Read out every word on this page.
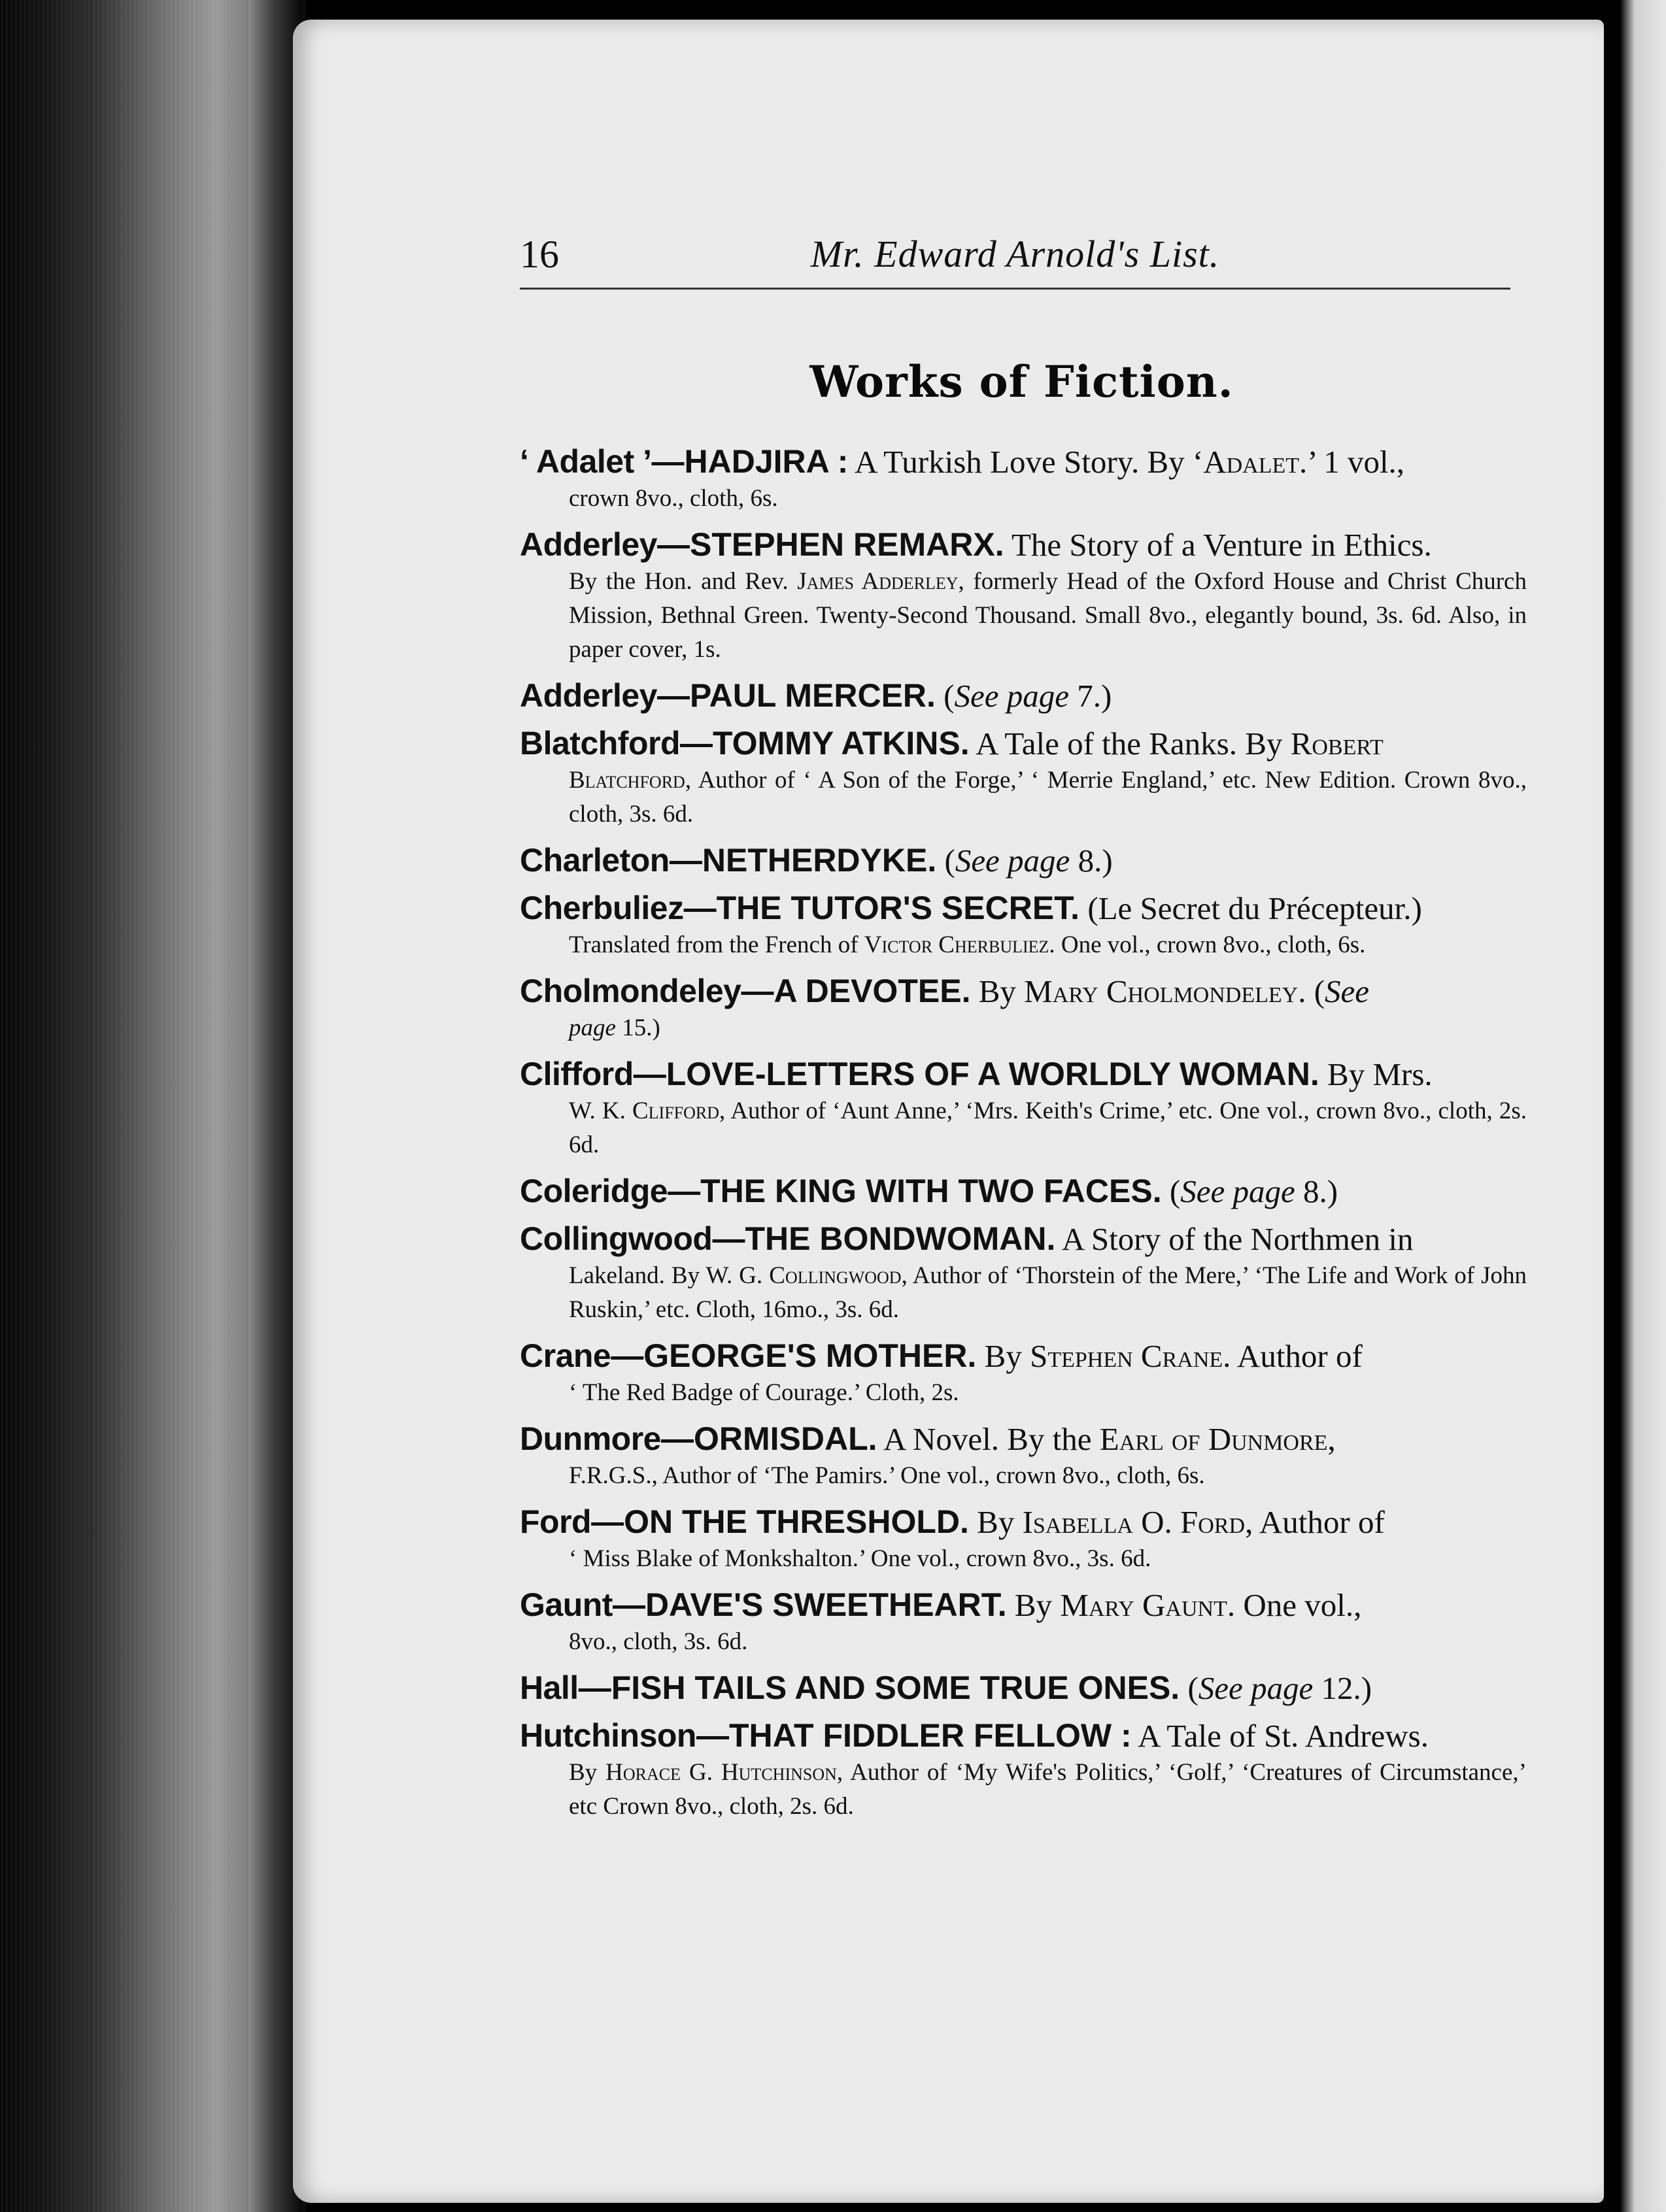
16	Mr. Edward Arnold's List.
Works of Fiction.
‘ Adalet ’—HADJIRA : A Turkish Love Story. By ‘Adalet.’ 1 vol.,
crown 8vo., cloth, 6s.
Adderley—STEPHEN REMARX. The Story of a Venture in Ethics.
By the Hon. and Rev. James Adderley, formerly Head of the Oxford House and Christ Church Mission, Bethnal Green. Twenty-Second Thousand. Small 8vo., elegantly bound, 3s. 6d. Also, in paper cover, 1s.
Adderley—PAUL MERCER. (See page 7.)
Blatchford—TOMMY ATKINS. A Tale of the Ranks. By Robert
Blatchford, Author of ‘ A Son of the Forge,’ ‘ Merrie England,’ etc. New Edition. Crown 8vo., cloth, 3s. 6d.
Charleton—NETHERDYKE. (See page 8.)
Cherbuliez—THE TUTOR'S SECRET. (Le Secret du Précepteur.)
Translated from the French of Victor Cherbuliez. One vol., crown 8vo., cloth, 6s.
Cholmondeley—A DEVOTEE. By Mary Cholmondeley. (See
page 15.)
Clifford—LOVE-LETTERS OF A WORLDLY WOMAN. By Mrs.
W. K. Clifford, Author of ‘Aunt Anne,’ ‘Mrs. Keith's Crime,’ etc. One vol., crown 8vo., cloth, 2s. 6d.
Coleridge—THE KING WITH TWO FACES. (See page 8.)
Collingwood—THE BONDWOMAN. A Story of the Northmen in
Lakeland. By W. G. Collingwood, Author of ‘Thorstein of the Mere,’ ‘The Life and Work of John Ruskin,’ etc. Cloth, 16mo., 3s. 6d.
Crane—GEORGE'S MOTHER. By Stephen Crane. Author of
‘ The Red Badge of Courage.’ Cloth, 2s.
Dunmore—ORMISDAL. A Novel. By the Earl of Dunmore,
F.R.G.S., Author of ‘The Pamirs.’ One vol., crown 8vo., cloth, 6s.
Ford—ON THE THRESHOLD. By Isabella O. Ford, Author of
‘ Miss Blake of Monkshalton.’ One vol., crown 8vo., 3s. 6d.
Gaunt—DAVE'S SWEETHEART. By Mary Gaunt. One vol.,
8vo., cloth, 3s. 6d.
Hall—FISH TAILS AND SOME TRUE ONES. (See page 12.)
Hutchinson—THAT FIDDLER FELLOW : A Tale of St. Andrews.
By Horace G. Hutchinson, Author of ‘My Wife's Politics,’ ‘Golf,’ ‘Creatures of Circumstance,’ etc Crown 8vo., cloth, 2s. 6d.
